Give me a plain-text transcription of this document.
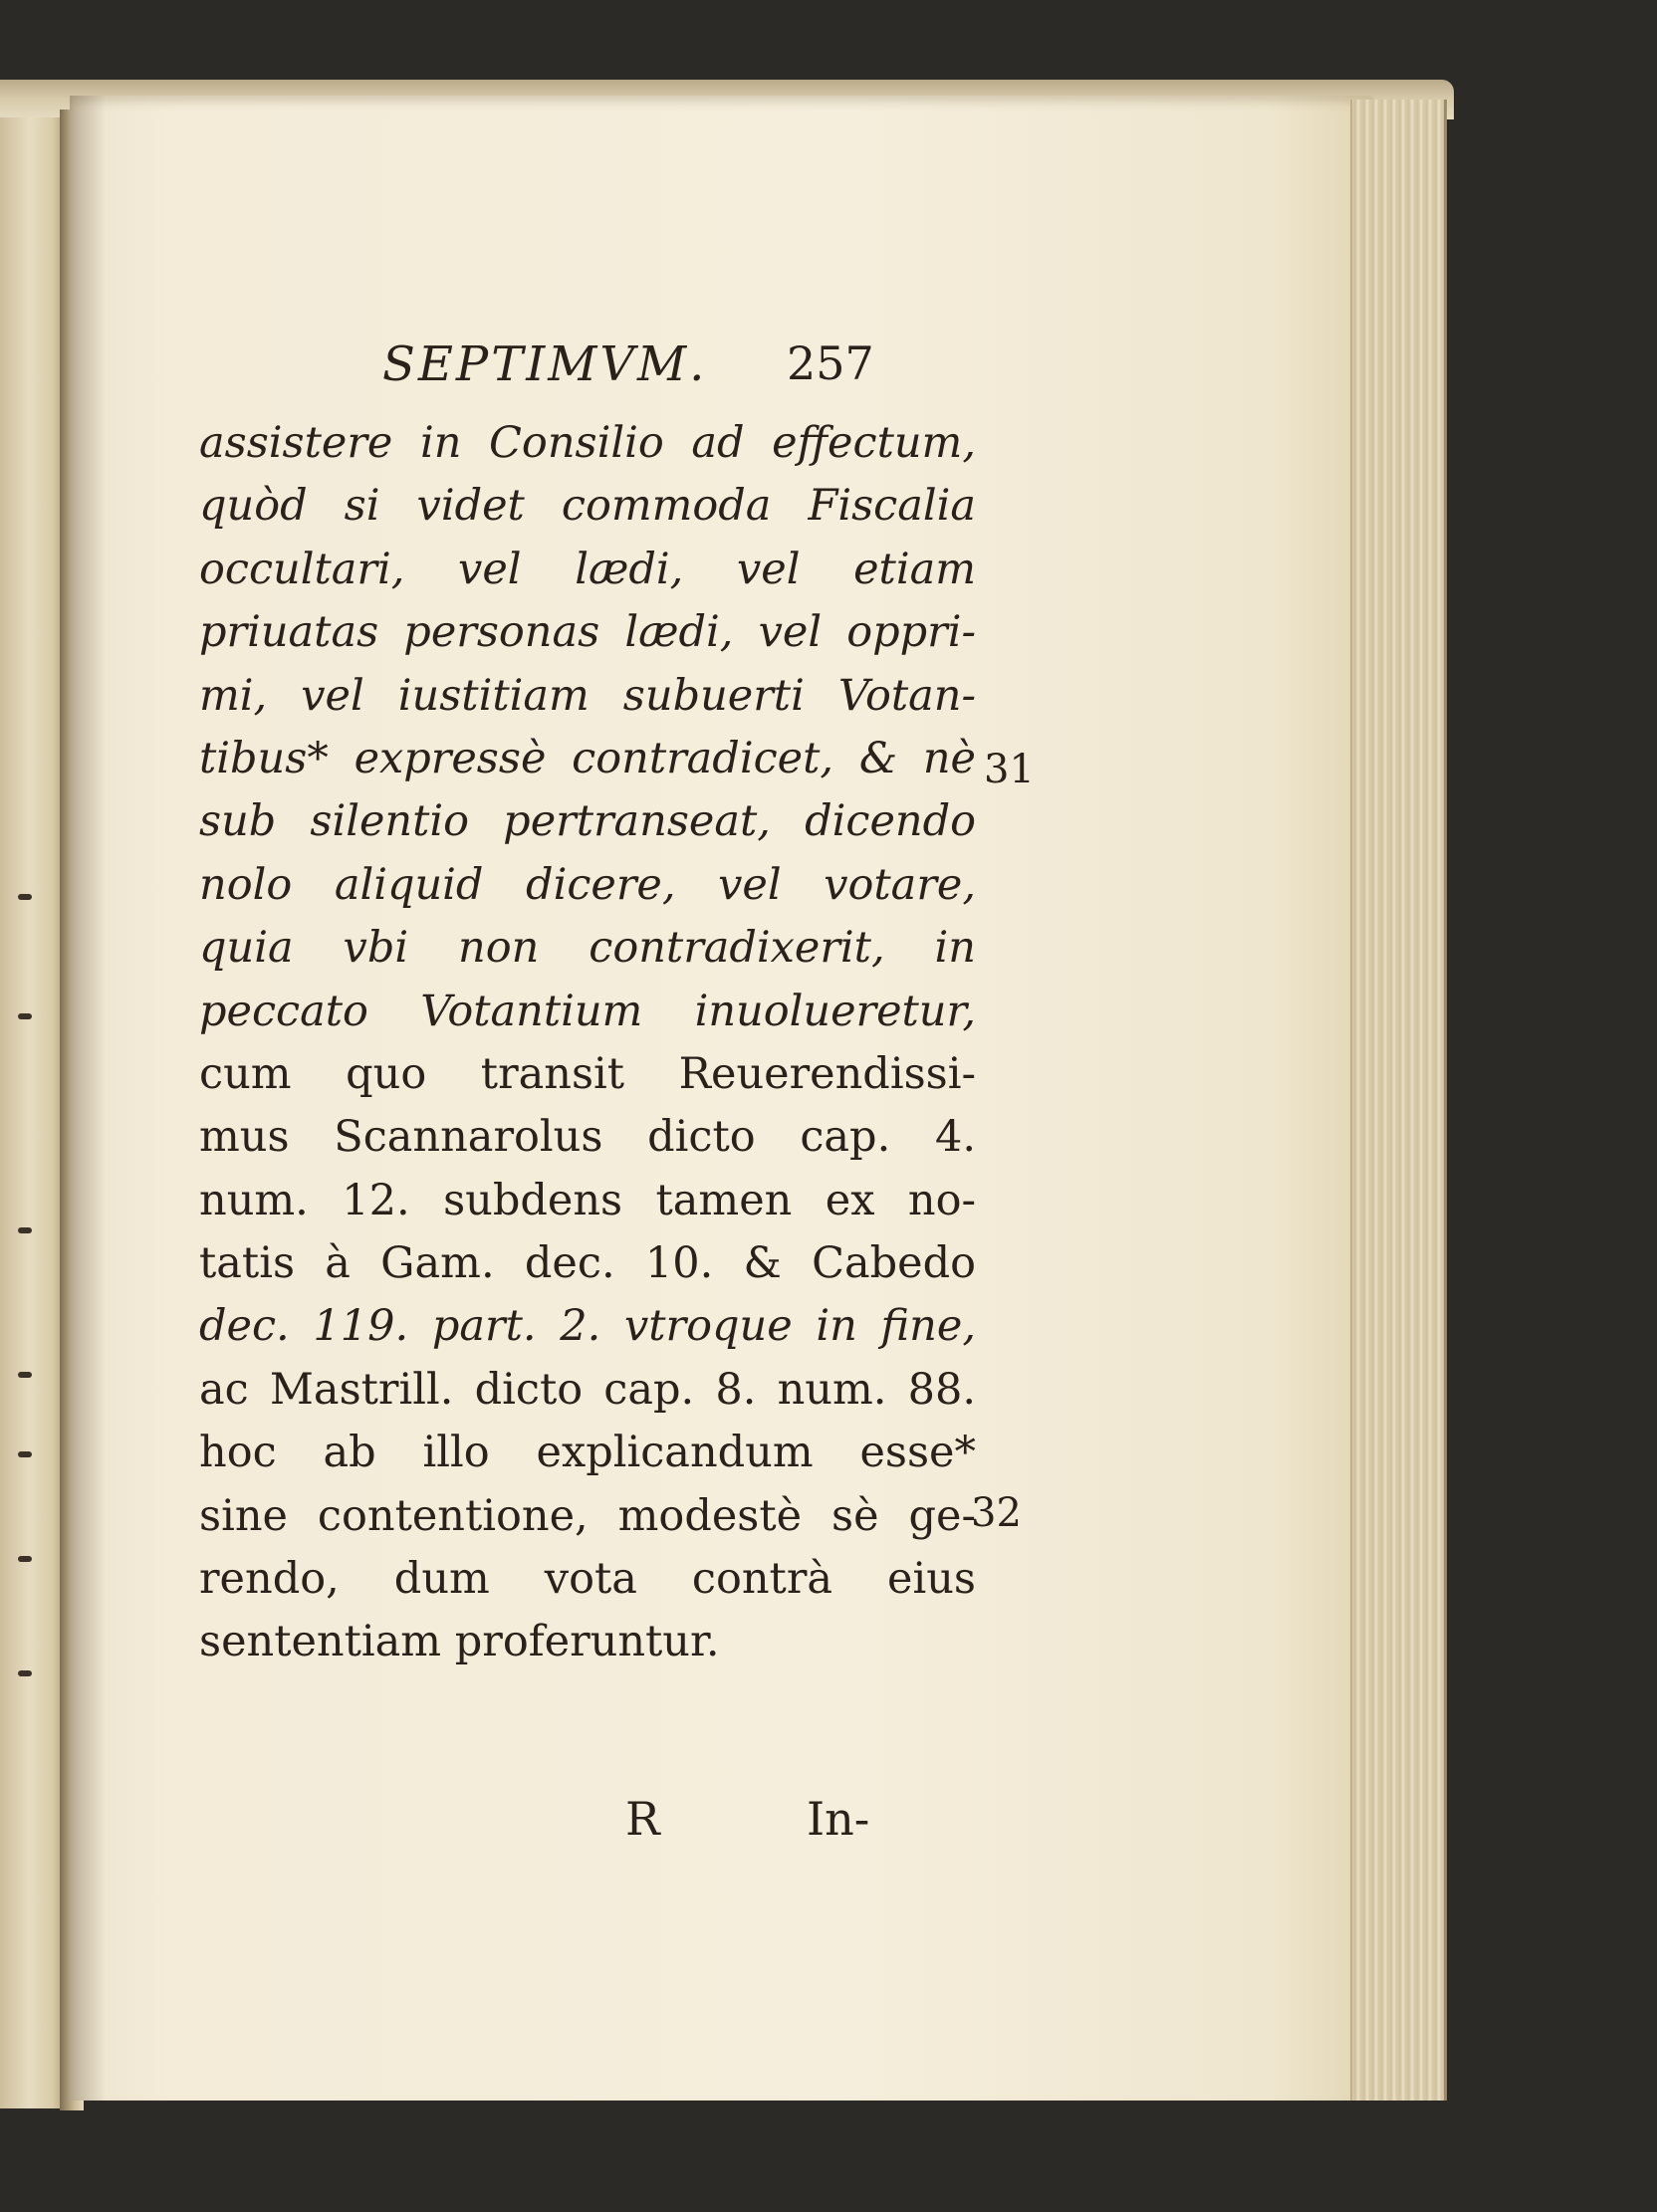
SEPTIMVM. 257
assistere in Consilio ad effectum,
quòd si videt commoda Fiscalia
occultari, vel lædi, vel etiam
priuatas personas lædi, vel oppri-
mi, vel iustitiam subuerti Votan-
tibus* expressè contradicet, & nè
sub silentio pertranseat, dicendo
nolo aliquid dicere, vel votare,
quia vbi non contradixerit, in
peccato Votantium inuolueretur,
cum quo transit Reuerendissi-
mus Scannarolus dicto cap. 4.
num. 12. subdens tamen ex no-
tatis à Gam. dec. 10. & Cabedo
dec. 119. part. 2. vtroque in fine,
ac Mastrill. dicto cap. 8. num. 88.
hoc ab illo explicandum esse*
sine contentione, modestè sè ge-
rendo, dum vota contrà eius
sententiam proferuntur.
31
32
R	In-
